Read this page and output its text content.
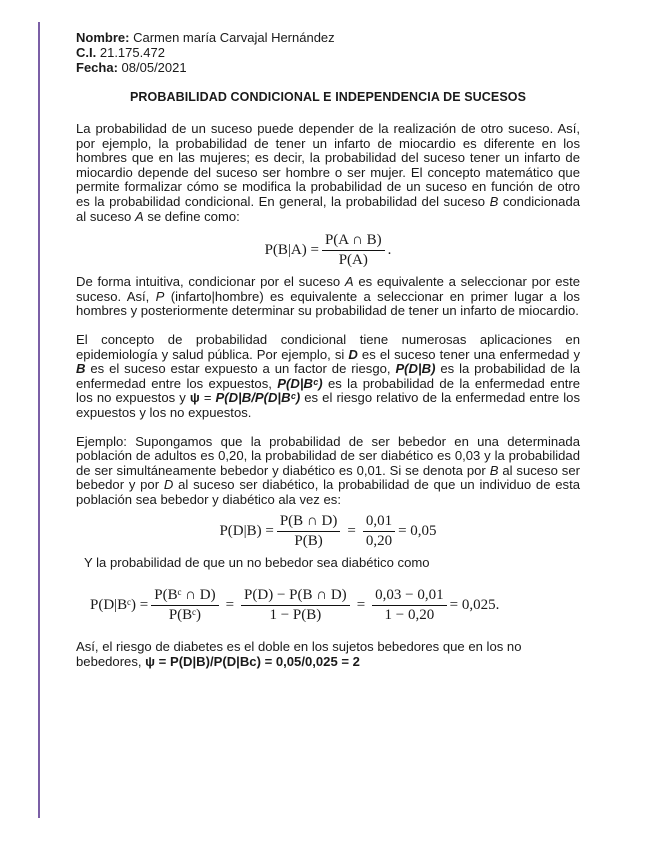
Nombre: Carmen maría Carvajal Hernández
C.I. 21.175.472
Fecha: 08/05/2021
PROBABILIDAD CONDICIONAL E INDEPENDENCIA DE SUCESOS

La probabilidad de un suceso puede depender de la realización de otro suceso. Así, por ejemplo, la probabilidad de tener un infarto de miocardio es diferente en los hombres que en las mujeres; es decir, la probabilidad del suceso tener un infarto de miocardio depende del suceso ser hombre o ser mujer. El concepto matemático que permite formalizar cómo se modifica la probabilidad de un suceso en función de otro es la probabilidad condicional. En general, la probabilidad del suceso B condicionada al suceso A se define como:

$P(B|A) = \frac{P(A \cap B)}{P(A)}$ .

De forma intuitiva, condicionar por el suceso A es equivalente a seleccionar por este suceso. Así, P (infarto|hombre) es equivalente a seleccionar en primer lugar a los hombres y posteriormente determinar su probabilidad de tener un infarto de miocardio.

El concepto de probabilidad condicional tiene numerosas aplicaciones en epidemiología y salud pública. Por ejemplo, si D es el suceso tener una enfermedad y B es el suceso estar expuesto a un factor de riesgo, P(D|B) es la probabilidad de la enfermedad entre los expuestos, P(D|Bᶜ) es la probabilidad de la enfermedad entre los no expuestos y ψ = P(D|B/P(D|Bᶜ) es el riesgo relativo de la enfermedad entre los expuestos y los no expuestos.

Ejemplo: Supongamos que la probabilidad de ser bebedor en una determinada población de adultos es 0,20, la probabilidad de ser diabético es 0,03 y la probabilidad de ser simultáneamente bebedor y diabético es 0,01. Si se denota por B al suceso ser bebedor y por D al suceso ser diabético, la probabilidad de que un individuo de esta población sea bebedor y diabético ala vez es:

$P(D|B) = \frac{P(B \cap D)}{P(B)} = \frac{0,01}{0,20} = 0,05$
Y la probabilidad de que un no bebedor sea diabético como
P(D|Bᶜ) = $\frac{\text{P(Bᶜ ∩ D)}}{\text{P(Bᶜ)}} = \frac{P(D) - P(B \cap D)}{1 - P(B)} = \frac{0,03 - 0,01}{1 - 0,20} = 0,025$.

Así, el riesgo de diabetes es el doble en los sujetos bebedores que en los no bebedores, ψ = P(D|B)/P(D|Bc) = 0,05/0,025 = 2
